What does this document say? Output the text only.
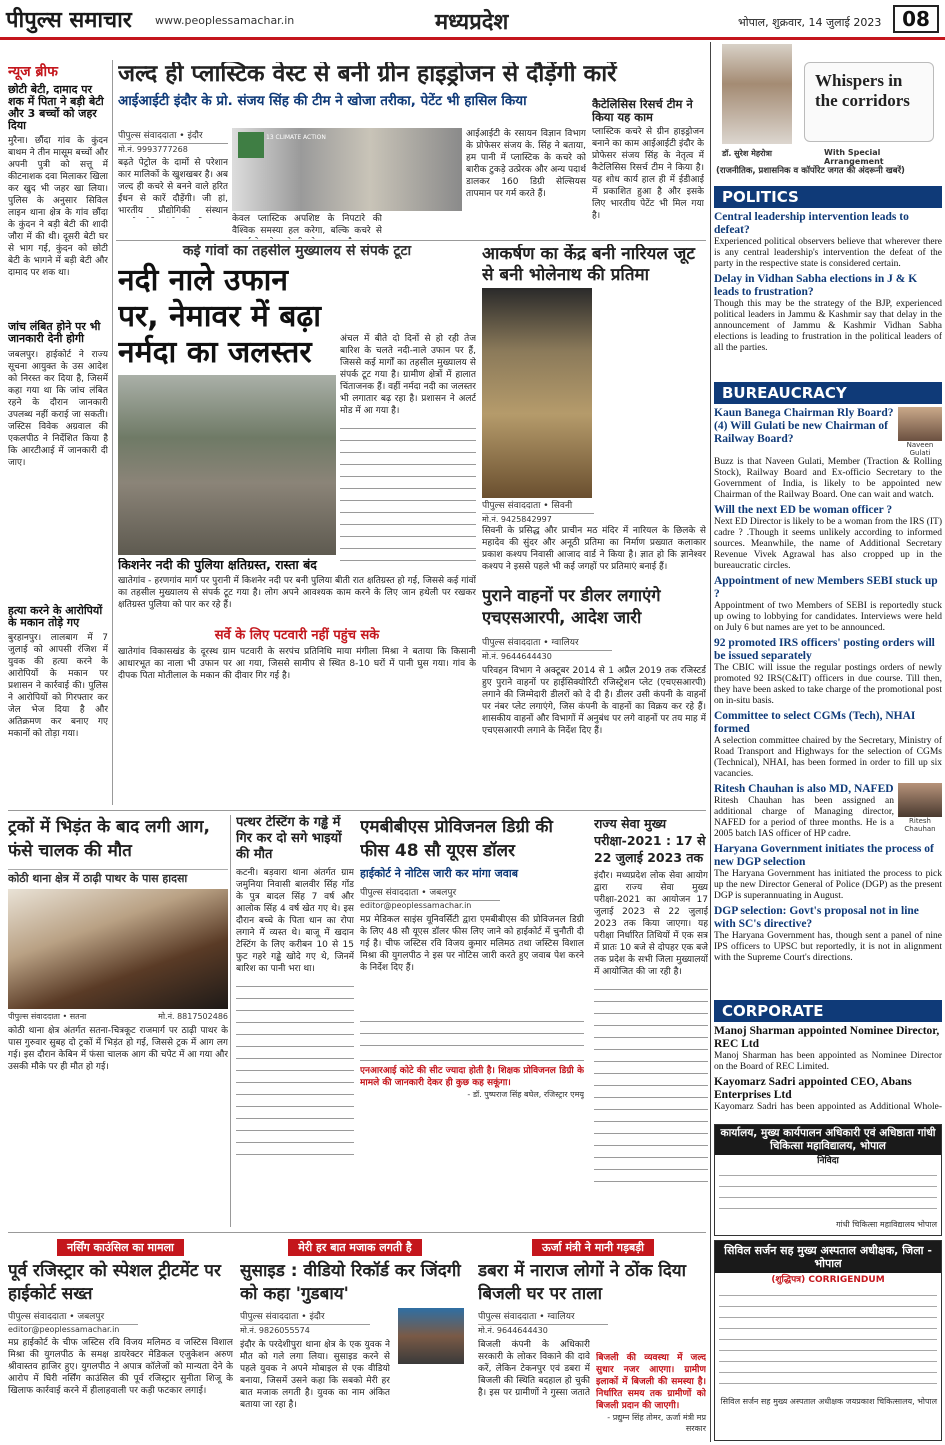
पीपुल्स समाचार www.peoplessamachar.in	मध्यप्रदेश	भोपाल, शुक्रवार, 14 जुलाई 2023	08
न्यूज ब्रीफ
छोटी बेटी, दामाद पर शक में पिता ने बड़ी बेटी और 3 बच्चों को जहर दिया
मुरैना। छौंदा गांव के कुंदन बाथम ने तीन मासूम बच्चों और अपनी पुत्री को सत्तू में कीटनाशक दवा मिलाकर खिला कर खुद भी जहर खा लिया। पुलिस के अनुसार सिविल लाइन थाना क्षेत्र के गांव छौंदा के कुंदन ने बड़ी बेटी की शादी जौरा में की थी। दूसरी बेटी घर से भाग गई, कुंदन को छोटी बेटी के भागने में बड़ी बेटी और दामाद पर शक था।
जांच लंबित होने पर भी जानकारी देनी होगी
जबलपुर। हाईकोर्ट ने राज्य सूचना आयुक्त के उस आदेश को निरस्त कर दिया है, जिसमें कहा गया था कि जांच लंबित रहने के दौरान जानकारी उपलब्ध नहीं कराई जा सकती। जस्टिस विवेक अग्रवाल की एकलपीठ ने निर्देशित किया है कि आरटीआई में जानकारी दी जाए।
हत्या करने के आरोपियों के मकान तोड़े गए
बुरहानपुर। लालबाग में 7 जुलाई को आपसी रंजिश में युवक की हत्या करने के आरोपियों के मकान पर प्रशासन ने कार्रवाई की। पुलिस ने आरोपियों को गिरफ्तार कर जेल भेज दिया है और अतिक्रमण कर बनाए गए मकानों को तोड़ा गया।
जल्द ही प्लास्टिक वेस्ट से बनी ग्रीन हाइड्रोजन से दौड़ेंगी कारें
आईआईटी इंदौर के प्रो. संजय सिंह की टीम ने खोजा तरीका, पेटेंट भी हासिल किया
पीपुल्स संवाददाता • इंदौर
मो.नं. 9993777268
बढ़ते पेट्रोल के दामों से परेशान कार मालिकों के खुशखबर है। अब जल्द ही कचरे से बनने वाले हरित ईंधन से कारें दौड़ेंगी। जी हां, भारतीय प्रौद्योगिकी संस्थान
13 CLIMATE ACTION
केवल प्लास्टिक अपशिष्ट के निपटारे की वैश्विक समस्या हल करेगा, बल्कि कचरे से
आईआईटी के रसायन विज्ञान विभाग के प्रोफेसर संजय के. सिंह ने बताया, हम पानी में प्लास्टिक के कचरे को बारीक टुकड़े उत्प्रेरक और अन्य पदार्थ डालकर 160 डिग्री सेल्सियस तापमान पर गर्म करते हैं।
कैटेलिसिस रिसर्च टीम ने किया यह काम
प्लास्टिक कचरे से ग्रीन हाइड्रोजन बनाने का काम आईआईटी इंदौर के प्रोफेसर संजय सिंह के नेतृत्व में कैटेलिसिस रिसर्च टीम ने किया है। यह शोध कार्य हाल ही में ईडीआई में प्रकाशित हुआ है और इसके लिए भारतीय पेटेंट भी मिल गया है।
कई गांवों का तहसील मुख्यालय से संपर्क टूटा
नदी नाले उफान पर, नेमावर में बढ़ा नर्मदा का जलस्तर	अंचल में बीते दो दिनों से हो रही तेज बारिश के चलते नदी-नाले उफान पर हैं, जिससे कई मार्गों का तहसील मुख्यालय से संपर्क टूट गया है। ग्रामीण क्षेत्रों में हालात चिंताजनक हैं। वहीं नर्मदा नदी का जलस्तर भी लगातार बढ़ रहा है। प्रशासन ने अलर्ट मोड में आ गया है।
किशनेर नदी की पुलिया क्षतिग्रस्त, रास्ता बंद
खातेगांव - हरणगांव मार्ग पर पुरानी में किशनेर नदी पर बनी पुलिया बीती रात क्षतिग्रस्त हो गई, जिससे कई गांवों का तहसील मुख्यालय से संपर्क टूट गया है। लोग अपने आवश्यक काम करने के लिए जान हथेली पर रखकर क्षतिग्रस्त पुलिया को पार कर रहे हैं।
सर्वे के लिए पटवारी नहीं पहुंच सके
खातेगांव विकासखंड के दूरस्थ ग्राम पटवारी के सरपंच प्रतिनिधि माया मंगीला मिश्रा ने बताया कि किसानी आधारभूत का नाला भी उफान पर आ गया, जिससे सामीप से स्थित 8-10 घरों में पानी घुस गया। गांव के दीपक पिता मोतीलाल के मकान की दीवार गिर गई है।
आकर्षण का केंद्र बनी नारियल जूट से बनी भोलेनाथ की प्रतिमा
पीपुल्स संवाददाता • सिवनी
मो.नं. 9425842997
सिवनी के प्रसिद्ध और प्राचीन मठ मंदिर में नारियल के छिलके से महादेव की सुंदर और अनूठी प्रतिमा का निर्माण प्रख्यात कलाकार प्रकाश कश्यप निवासी आजाद वार्ड ने किया है। ज्ञात हो कि ज्ञानेश्वर कश्यप ने इससे पहले भी कई जगहों पर प्रतिमाएं बनाई हैं।
पुराने वाहनों पर डीलर लगाएंगे एचएसआरपी, आदेश जारी
पीपुल्स संवाददाता • ग्वालियर
मो.नं. 9644644430
परिवहन विभाग ने अक्टूबर 2014 से 1 अप्रैल 2019 तक रजिस्टर्ड हुए पुराने वाहनों पर हाईसिक्योरिटी रजिस्ट्रेशन प्लेट (एचएसआरपी) लगाने की जिम्मेदारी डीलरों को दे दी है। डीलर उसी कंपनी के वाहनों पर नंबर प्लेट लगाएंगे, जिस कंपनी के वाहनों का विक्रय कर रहे हैं। शासकीय वाहनों और विभागों में अनुबंध पर लगे वाहनों पर तय माह में एचएसआरपी लगाने के निर्देश दिए हैं।
ट्रकों में भिड़ंत के बाद लगी आग, फंसे चालक की मौत
कोठी थाना क्षेत्र में ठाढ़ी पाथर के पास हादसा
पीपुल्स संवाददाता • सतना	मो.नं. 8817502486
कोठी थाना क्षेत्र अंतर्गत सतना-चित्रकूट राजमार्ग पर ठाढ़ी पाथर के पास गुरुवार सुबह दो ट्रकों में भिड़ंत हो गई, जिससे ट्रक में आग लग गई। इस दौरान केबिन में फंसा चालक आग की चपेट में आ गया और उसकी मौके पर ही मौत हो गई।
पत्थर टेस्टिंग के गड्ढे में गिर कर दो सगे भाइयों की मौत
कटनी। बड़वारा थाना अंतर्गत ग्राम जमुनिया निवासी बालवीर सिंह गोंड के पुत्र बादल सिंह 7 वर्ष और आलोक सिंह 4 वर्ष खेत गए थे। इस दौरान बच्चे के पिता धान का रोपा लगाने में व्यस्त थे। बाजू में खदान टेस्टिंग के लिए करीबन 10 से 15 फुट गहरे गड्ढे खोदे गए थे, जिनमें बारिश का पानी भरा था।
एमबीबीएस प्रोविजनल डिग्री की फीस 48 सौ यूएस डॉलर
हाईकोर्ट ने नोटिस जारी कर मांगा जवाब
पीपुल्स संवाददाता • जबलपुर
editor@peoplessamachar.in
मप्र मेडिकल साइंस यूनिवर्सिटी द्वारा एमबीबीएस की प्रोविजनल डिग्री के लिए 48 सौ यूएस डॉलर फीस लिए जाने को हाईकोर्ट में चुनौती दी गई है। चीफ जस्टिस रवि विजय कुमार मलिमठ तथा जस्टिस विशाल मिश्रा की युगलपीठ ने इस पर नोटिस जारी करते हुए जवाब पेश करने के निर्देश दिए हैं।
एनआरआई कोटे की सीट ज्यादा होती है। शिक्षक प्रोविजनल डिग्री के मामले की जानकारी देकर ही कुछ कह सकूंगा।
- डॉ. पुष्पराज सिंह बघेल, रजिस्ट्रार एमयू
राज्य सेवा मुख्य परीक्षा-2021 : 17 से 22 जुलाई 2023 तक
इंदौर। मध्यप्रदेश लोक सेवा आयोग द्वारा राज्य सेवा मुख्य परीक्षा-2021 का आयोजन 17 जुलाई 2023 से 22 जुलाई 2023 तक किया जाएगा। यह परीक्षा निर्धारित तिथियों में एक सत्र में प्रातः 10 बजे से दोपहर एक बजे तक प्रदेश के सभी जिला मुख्यालयों में आयोजित की जा रही है।
नर्सिंग काउंसिल का मामला
पूर्व रजिस्ट्रार को स्पेशल ट्रीटमेंट पर हाईकोर्ट सख्त
पीपुल्स संवाददाता • जबलपुर
editor@peoplessamachar.in
मप्र हाईकोर्ट के चीफ जस्टिस रवि विजय मलिमठ व जस्टिस विशाल मिश्रा की युगलपीठ के समक्ष डायरेक्टर मेडिकल एजुकेशन अरुण श्रीवास्तव हाजिर हुए। युगलपीठ ने अपात्र कॉलेजों को मान्यता देने के आरोप में घिरी नर्सिंग काउंसिल की पूर्व रजिस्ट्रार सुनीता शिजू के खिलाफ कार्रवाई करने में हीलाहवाली पर कड़ी फटकार लगाई।
मेरी हर बात मजाक लगती है
सुसाइड : वीडियो रिकॉर्ड कर जिंदगी को कहा 'गुडबाय'
पीपुल्स संवाददाता • इंदौर
मो.नं. 9826055574
इंदौर के परदेशीपुरा थाना क्षेत्र के एक युवक ने मौत को गले लगा लिया। सुसाइड करने से पहले युवक ने अपने मोबाइल से एक वीडियो बनाया, जिसमें उसने कहा कि सबको मेरी हर बात मजाक लगती है। युवक का नाम अंकित बताया जा रहा है।
ऊर्जा मंत्री ने मानी गड़बड़ी
डबरा में नाराज लोगों ने ठोंक दिया बिजली घर पर ताला
पीपुल्स संवाददाता • ग्वालियर
मो.नं. 9644644430
बिजली कंपनी के अधिकारी सरकारी के लोकर विकाने की दावे करें, लेकिन टेकनपुर एवं डबरा में बिजली की स्थिति बदहाल हो चुकी है। इस पर ग्रामीणों ने गुस्सा जताते
बिजली की व्यवस्था में जल्द सुधार नजर आएगा। ग्रामीण इलाकों में बिजली की समस्या है। निर्धारित समय तक ग्रामीणों को बिजली प्रदान की जाएगी।
- प्रद्युम्न सिंह तोमर, ऊर्जा मंत्री मप्र सरकार
Whispers in the corridors
डॉ. सुरेश मेहरोत्रा	With Special Arrangement
(राजनीतिक, प्रशासनिक व कॉर्पोरेट जगत की अंदरूनी खबरें)
POLITICS
Central leadership intervention leads to defeat?
Experienced political observers believe that wherever there is any central leadership's intervention the defeat of the party in the respective state is considered certain.
Delay in Vidhan Sabha elections in J & K leads to frustration?
Though this may be the strategy of the BJP, experienced political leaders in Jammu & Kashmir say that delay in the announcement of Jammu & Kashmir Vidhan Sabha elections is leading to frustration in the political leaders of all the parties.
BUREAUCRACY
Kaun Banega Chairman Rly Board? (4) Will Gulati be new Chairman of Railway Board?	Naveen Gulati
Buzz is that Naveen Gulati, Member (Traction & Rolling Stock), Railway Board and Ex-officio Secretary to the Government of India, is likely to be appointed new Chairman of the Railway Board. One can wait and watch.
Will the next ED be woman officer ?
Next ED Director is likely to be a woman from the IRS (IT) cadre ? .Though it seems unlikely according to informed sources. Meanwhile, the name of Additional Secretary Revenue Vivek Agrawal has also cropped up in the bureaucratic circles.
Appointment of new Members SEBI stuck up ?
Appointment of two Members of SEBI is reportedly stuck up owing to lobbying for candidates. Interviews were held on July 6 but names are yet to be announced.
92 promoted IRS officers' posting orders will be issued separately
The CBIC will issue the regular postings orders of newly promoted 92 IRS(C&IT) officers in due course. Till then, they have been asked to take charge of the promotional post on in-situ basis.
Committee to select CGMs (Tech), NHAI formed
A selection committee chaired by the Secretary, Ministry of Road Transport and Highways for the selection of CGMs (Technical), NHAI, has been formed in order to fill up six vacancies.
Ritesh Chauhan is also MD, NAFED
Ritesh Chauhan has been assigned an additional charge of Managing director, NAFED for a period of three months. He is a 2005 batch IAS officer of HP cadre.
Ritesh Chauhan
Haryana Government initiates the process of new DGP selection
The Haryana Government has initiated the process to pick up the new Director General of Police (DGP) as the present DGP is superannuating in August.
DGP selection: Govt's proposal not in line with SC's directive?
The Haryana Government has, though sent a panel of nine IPS officers to UPSC but reportedly, it is not in alignment with the Supreme Court's directions.
CORPORATE
Manoj Sharman appointed Nominee Director, REC Ltd
Manoj Sharman has been appointed as Nominee Director on the Board of REC Limited.
Kayomarz Sadri appointed CEO, Abans Enterprises Ltd
Kayomarz Sadri has been appointed as Additional Whole-
कार्यालय, मुख्य कार्यपालन अधिकारी एवं अधिष्ठाता गांधी चिकित्सा महाविद्यालय, भोपाल
निविदा
गांधी चिकित्सा महाविद्यालय भोपाल
सिविल सर्जन सह मुख्य अस्पताल अधीक्षक, जिला - भोपाल
(शुद्धिपत्र) CORRIGENDUM
सिविल सर्जन सह मुख्य अस्पताल अधीक्षक जयप्रकाश चिकित्सालय, भोपाल
